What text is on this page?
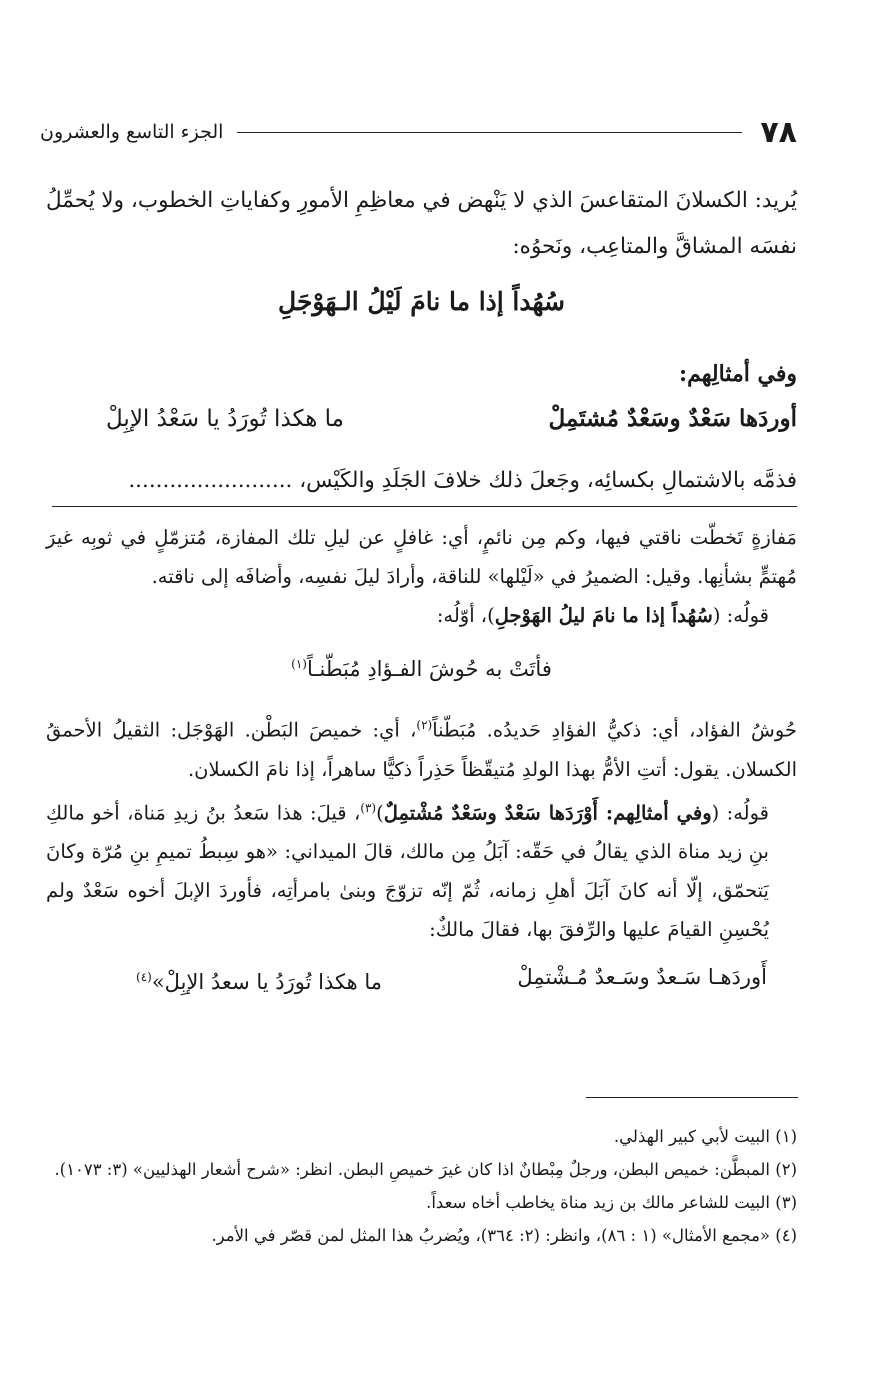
٧٨
الجزء التاسع والعشرون
يُريد: الكسلانَ المتقاعسَ الذي لا يَنْهض في معاظِمِ الأمورِ وكفاياتِ الخطوب، ولا يُحمِّلُ نفسَه المشاقَّ والمتاعِب، ونَحوُه:
سُهُداً إذا ما نامَ لَيْلُ الـهَوْجَلِ
وفي أمثالِهم:
أوردَها سَعْدٌ وسَعْدٌ مُشتَمِلْ
ما هكذا تُورَدُ يا سَعْدُ الإبِلْ
فذمَّه بالاشتمالِ بكسائِه، وجَعلَ ذلك خلافَ الجَلَدِ والكَيْس، ........................
مَفازةٍ تَخطّت ناقتي فيها، وكم مِن نائمٍ، أي: غافلٍ عن ليلِ تلك المفازة، مُتزمّلٍ في ثوبِه غيرَ مُهتمٍّ بشأنِها. وقيل: الضميرُ في «لَيْلها» للناقة، وأرادَ ليلَ نفسِه، وأضافَه إلى ناقته.
قولُه: (سُهُداً إذا ما نامَ ليلُ الهَوْجلِ)، أوّلُه:
فأتَتْ به حُوشَ الفـؤادِ مُبَطّنـاً$^{(١)}$
حُوشُ الفؤاد، أي: ذكيُّ الفؤادِ حَديدُه. مُبَطّناً$^{(٢)}$، أي: خميصَ البَطْن. الهَوْجَل: الثقيلُ الأحمقُ الكسلان. يقول: أتتِ الأمُّ بهذا الولدِ مُتيقّظاً حَذِراً ذكيًّا ساهراً، إذا نامَ الكسلان.
قولُه: (وفي أمثالِهم: أَوْرَدَها سَعْدٌ وسَعْدٌ مُشْتمِلٌ)$^{(٣)}$، قيلَ: هذا سَعدُ بنُ زيدِ مَناة، أخو مالكِ بنِ زيد مناة الذي يقالُ في حَقّه: آبَلُ مِن مالك، قالَ الميداني: «هو سِبطُ تميمِ بنِ مُرّة وكانَ يَتحمّق، إلّا أنه كانَ آبَلَ أهلِ زمانه، ثُمّ إنّه تزوّجَ وبنىٰ بامرأتِه، فأوردَ الإبلَ أخوه سَعْدٌ ولم يُحْسِنِ القيامَ عليها والرِّفقَ بها، فقالَ مالكٌ:
أَوردَهـا سَـعدٌ وسَـعدٌ مُـشْتمِلْ
ما هكذا تُورَدُ يا سعدُ الإبِلْ»$^{(٤)}$
(١) البيت لأبي كبير الهذلي.
(٢) المبطَّن: خميص البطن، ورجلٌ مِبْطانٌ اذا كان غيرَ خميصِ البطن. انظر: «شرح أشعار الهذليين» (٣: ١٠٧٣).
(٣) البيت للشاعر مالك بن زيد مناة يخاطب أخاه سعداً.
(٤) «مجمع الأمثال» (١ : ٨٦)، وانظر: (٢: ٣٦٤)، ويُضربُ هذا المثل لمن قصّر في الأمر.
